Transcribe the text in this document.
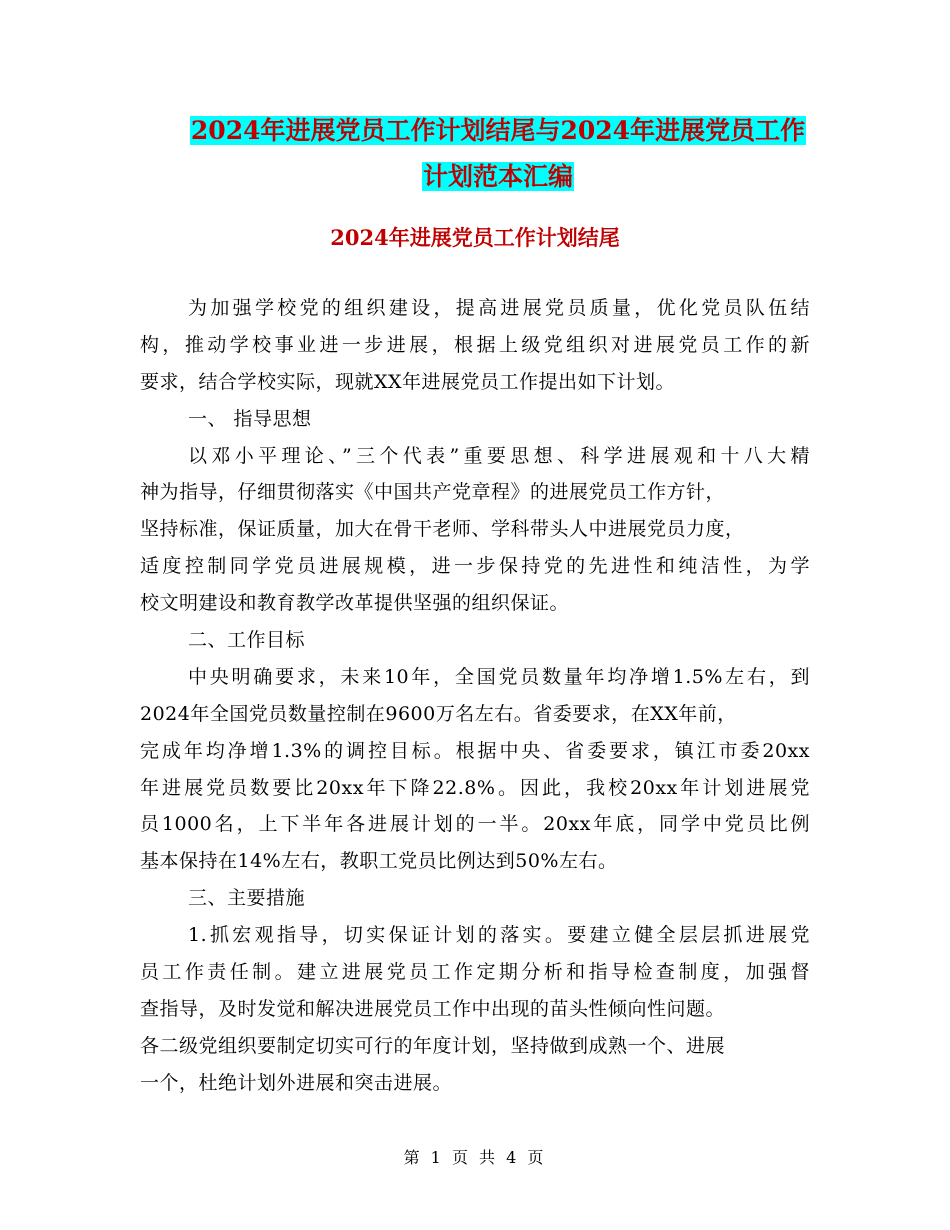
2024年进展党员工作计划结尾与2024年进展党员工作
计划范本汇编
2024年进展党员工作计划结尾
为加强学校党的组织建设，提高进展党员质量，优化党员队伍结
构，推动学校事业进一步进展，根据上级党组织对进展党员工作的新
要求，结合学校实际，现就XX年进展党员工作提出如下计划。
一、 指导思想
以邓小平理论、”三个代表”重要思想、科学进展观和十八大精
神为指导，仔细贯彻落实《中国共产党章程》的进展党员工作方针，
坚持标准，保证质量，加大在骨干老师、学科带头人中进展党员力度，
适度控制同学党员进展规模，进一步保持党的先进性和纯洁性，为学
校文明建设和教育教学改革提供坚强的组织保证。
二、工作目标
中央明确要求，未来10年，全国党员数量年均净增1.5%左右，到
2024年全国党员数量控制在9600万名左右。省委要求，在XX年前，
完成年均净增1.3%的调控目标。根据中央、省委要求，镇江市委20xx
年进展党员数要比20xx年下降22.8%。因此，我校20xx年计划进展党
员1000名，上下半年各进展计划的一半。20xx年底，同学中党员比例
基本保持在14%左右，教职工党员比例达到50%左右。
三、主要措施
1.抓宏观指导，切实保证计划的落实。要建立健全层层抓进展党
员工作责任制。建立进展党员工作定期分析和指导检查制度，加强督
查指导，及时发觉和解决进展党员工作中出现的苗头性倾向性问题。
各二级党组织要制定切实可行的年度计划，坚持做到成熟一个、进展
一个，杜绝计划外进展和突击进展。
第 1 页 共 4 页
